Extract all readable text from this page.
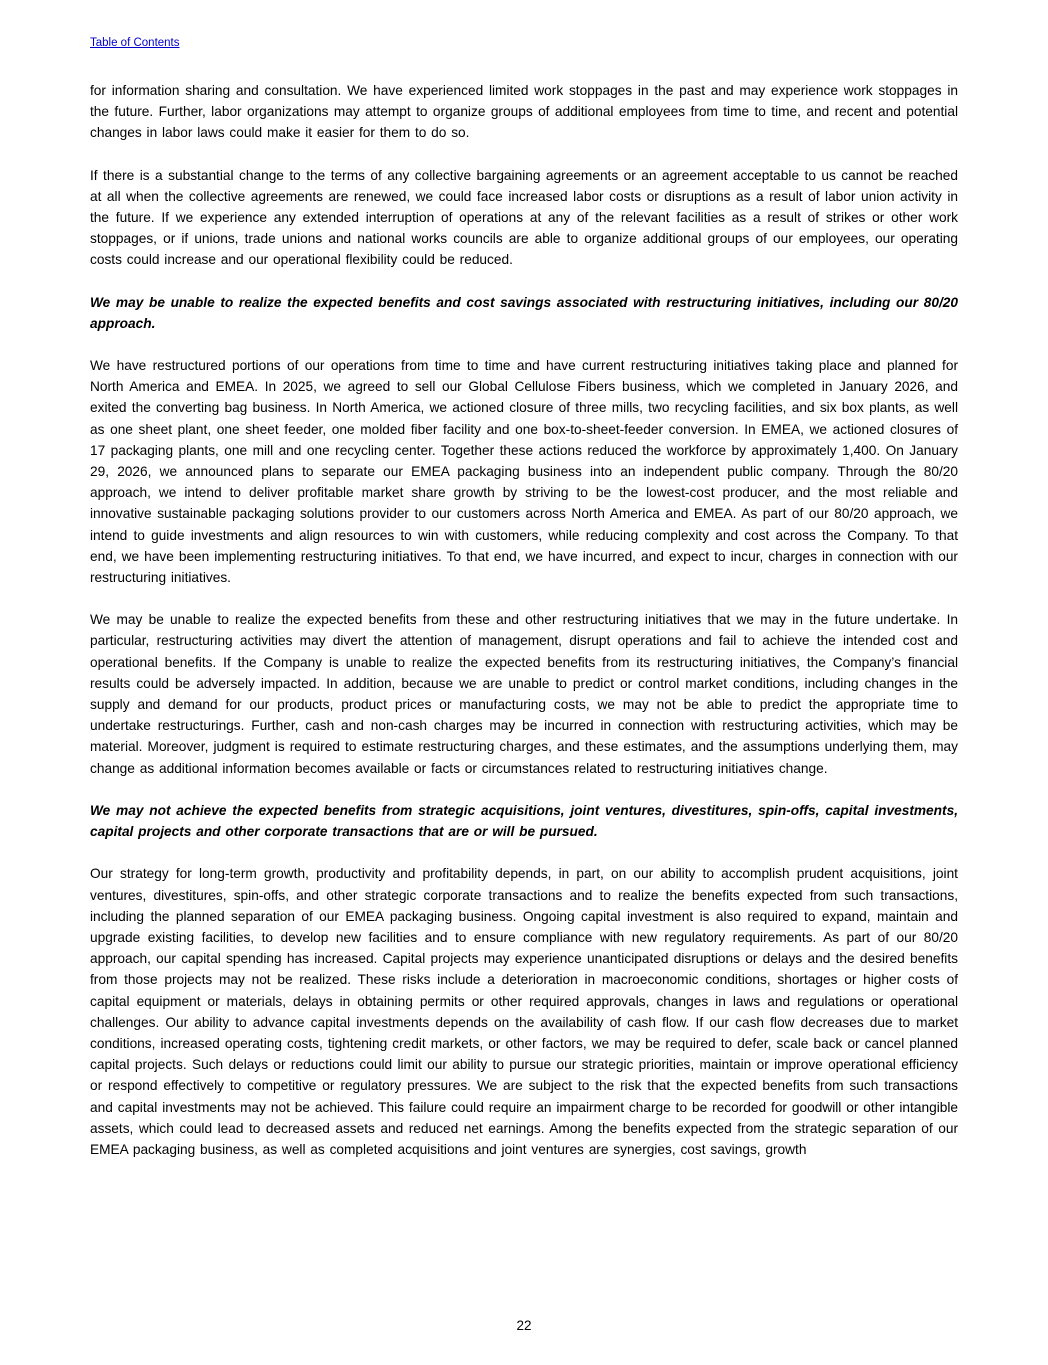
Table of Contents

for information sharing and consultation. We have experienced limited work stoppages in the past and may experience work stoppages in the future. Further, labor organizations may attempt to organize groups of additional employees from time to time, and recent and potential changes in labor laws could make it easier for them to do so.

If there is a substantial change to the terms of any collective bargaining agreements or an agreement acceptable to us cannot be reached at all when the collective agreements are renewed, we could face increased labor costs or disruptions as a result of labor union activity in the future. If we experience any extended interruption of operations at any of the relevant facilities as a result of strikes or other work stoppages, or if unions, trade unions and national works councils are able to organize additional groups of our employees, our operating costs could increase and our operational flexibility could be reduced.

We may be unable to realize the expected benefits and cost savings associated with restructuring initiatives, including our 80/20 approach.

We have restructured portions of our operations from time to time and have current restructuring initiatives taking place and planned for North America and EMEA. In 2025, we agreed to sell our Global Cellulose Fibers business, which we completed in January 2026, and exited the converting bag business. In North America, we actioned closure of three mills, two recycling facilities, and six box plants, as well as one sheet plant, one sheet feeder, one molded fiber facility and one box-to-sheet-feeder conversion. In EMEA, we actioned closures of 17 packaging plants, one mill and one recycling center. Together these actions reduced the workforce by approximately 1,400. On January 29, 2026, we announced plans to separate our EMEA packaging business into an independent public company. Through the 80/20 approach, we intend to deliver profitable market share growth by striving to be the lowest-cost producer, and the most reliable and innovative sustainable packaging solutions provider to our customers across North America and EMEA. As part of our 80/20 approach, we intend to guide investments and align resources to win with customers, while reducing complexity and cost across the Company. To that end, we have been implementing restructuring initiatives. To that end, we have incurred, and expect to incur, charges in connection with our restructuring initiatives.

We may be unable to realize the expected benefits from these and other restructuring initiatives that we may in the future undertake. In particular, restructuring activities may divert the attention of management, disrupt operations and fail to achieve the intended cost and operational benefits. If the Company is unable to realize the expected benefits from its restructuring initiatives, the Company’s financial results could be adversely impacted. In addition, because we are unable to predict or control market conditions, including changes in the supply and demand for our products, product prices or manufacturing costs, we may not be able to predict the appropriate time to undertake restructurings. Further, cash and non-cash charges may be incurred in connection with restructuring activities, which may be material. Moreover, judgment is required to estimate restructuring charges, and these estimates, and the assumptions underlying them, may change as additional information becomes available or facts or circumstances related to restructuring initiatives change.

We may not achieve the expected benefits from strategic acquisitions, joint ventures, divestitures, spin-offs, capital investments, capital projects and other corporate transactions that are or will be pursued.

Our strategy for long-term growth, productivity and profitability depends, in part, on our ability to accomplish prudent acquisitions, joint ventures, divestitures, spin-offs, and other strategic corporate transactions and to realize the benefits expected from such transactions, including the planned separation of our EMEA packaging business. Ongoing capital investment is also required to expand, maintain and upgrade existing facilities, to develop new facilities and to ensure compliance with new regulatory requirements. As part of our 80/20 approach, our capital spending has increased. Capital projects may experience unanticipated disruptions or delays and the desired benefits from those projects may not be realized. These risks include a deterioration in macroeconomic conditions, shortages or higher costs of capital equipment or materials, delays in obtaining permits or other required approvals, changes in laws and regulations or operational challenges. Our ability to advance capital investments depends on the availability of cash flow. If our cash flow decreases due to market conditions, increased operating costs, tightening credit markets, or other factors, we may be required to defer, scale back or cancel planned capital projects. Such delays or reductions could limit our ability to pursue our strategic priorities, maintain or improve operational efficiency or respond effectively to competitive or regulatory pressures. We are subject to the risk that the expected benefits from such transactions and capital investments may not be achieved. This failure could require an impairment charge to be recorded for goodwill or other intangible assets, which could lead to decreased assets and reduced net earnings. Among the benefits expected from the strategic separation of our EMEA packaging business, as well as completed acquisitions and joint ventures are synergies, cost savings, growth

22
